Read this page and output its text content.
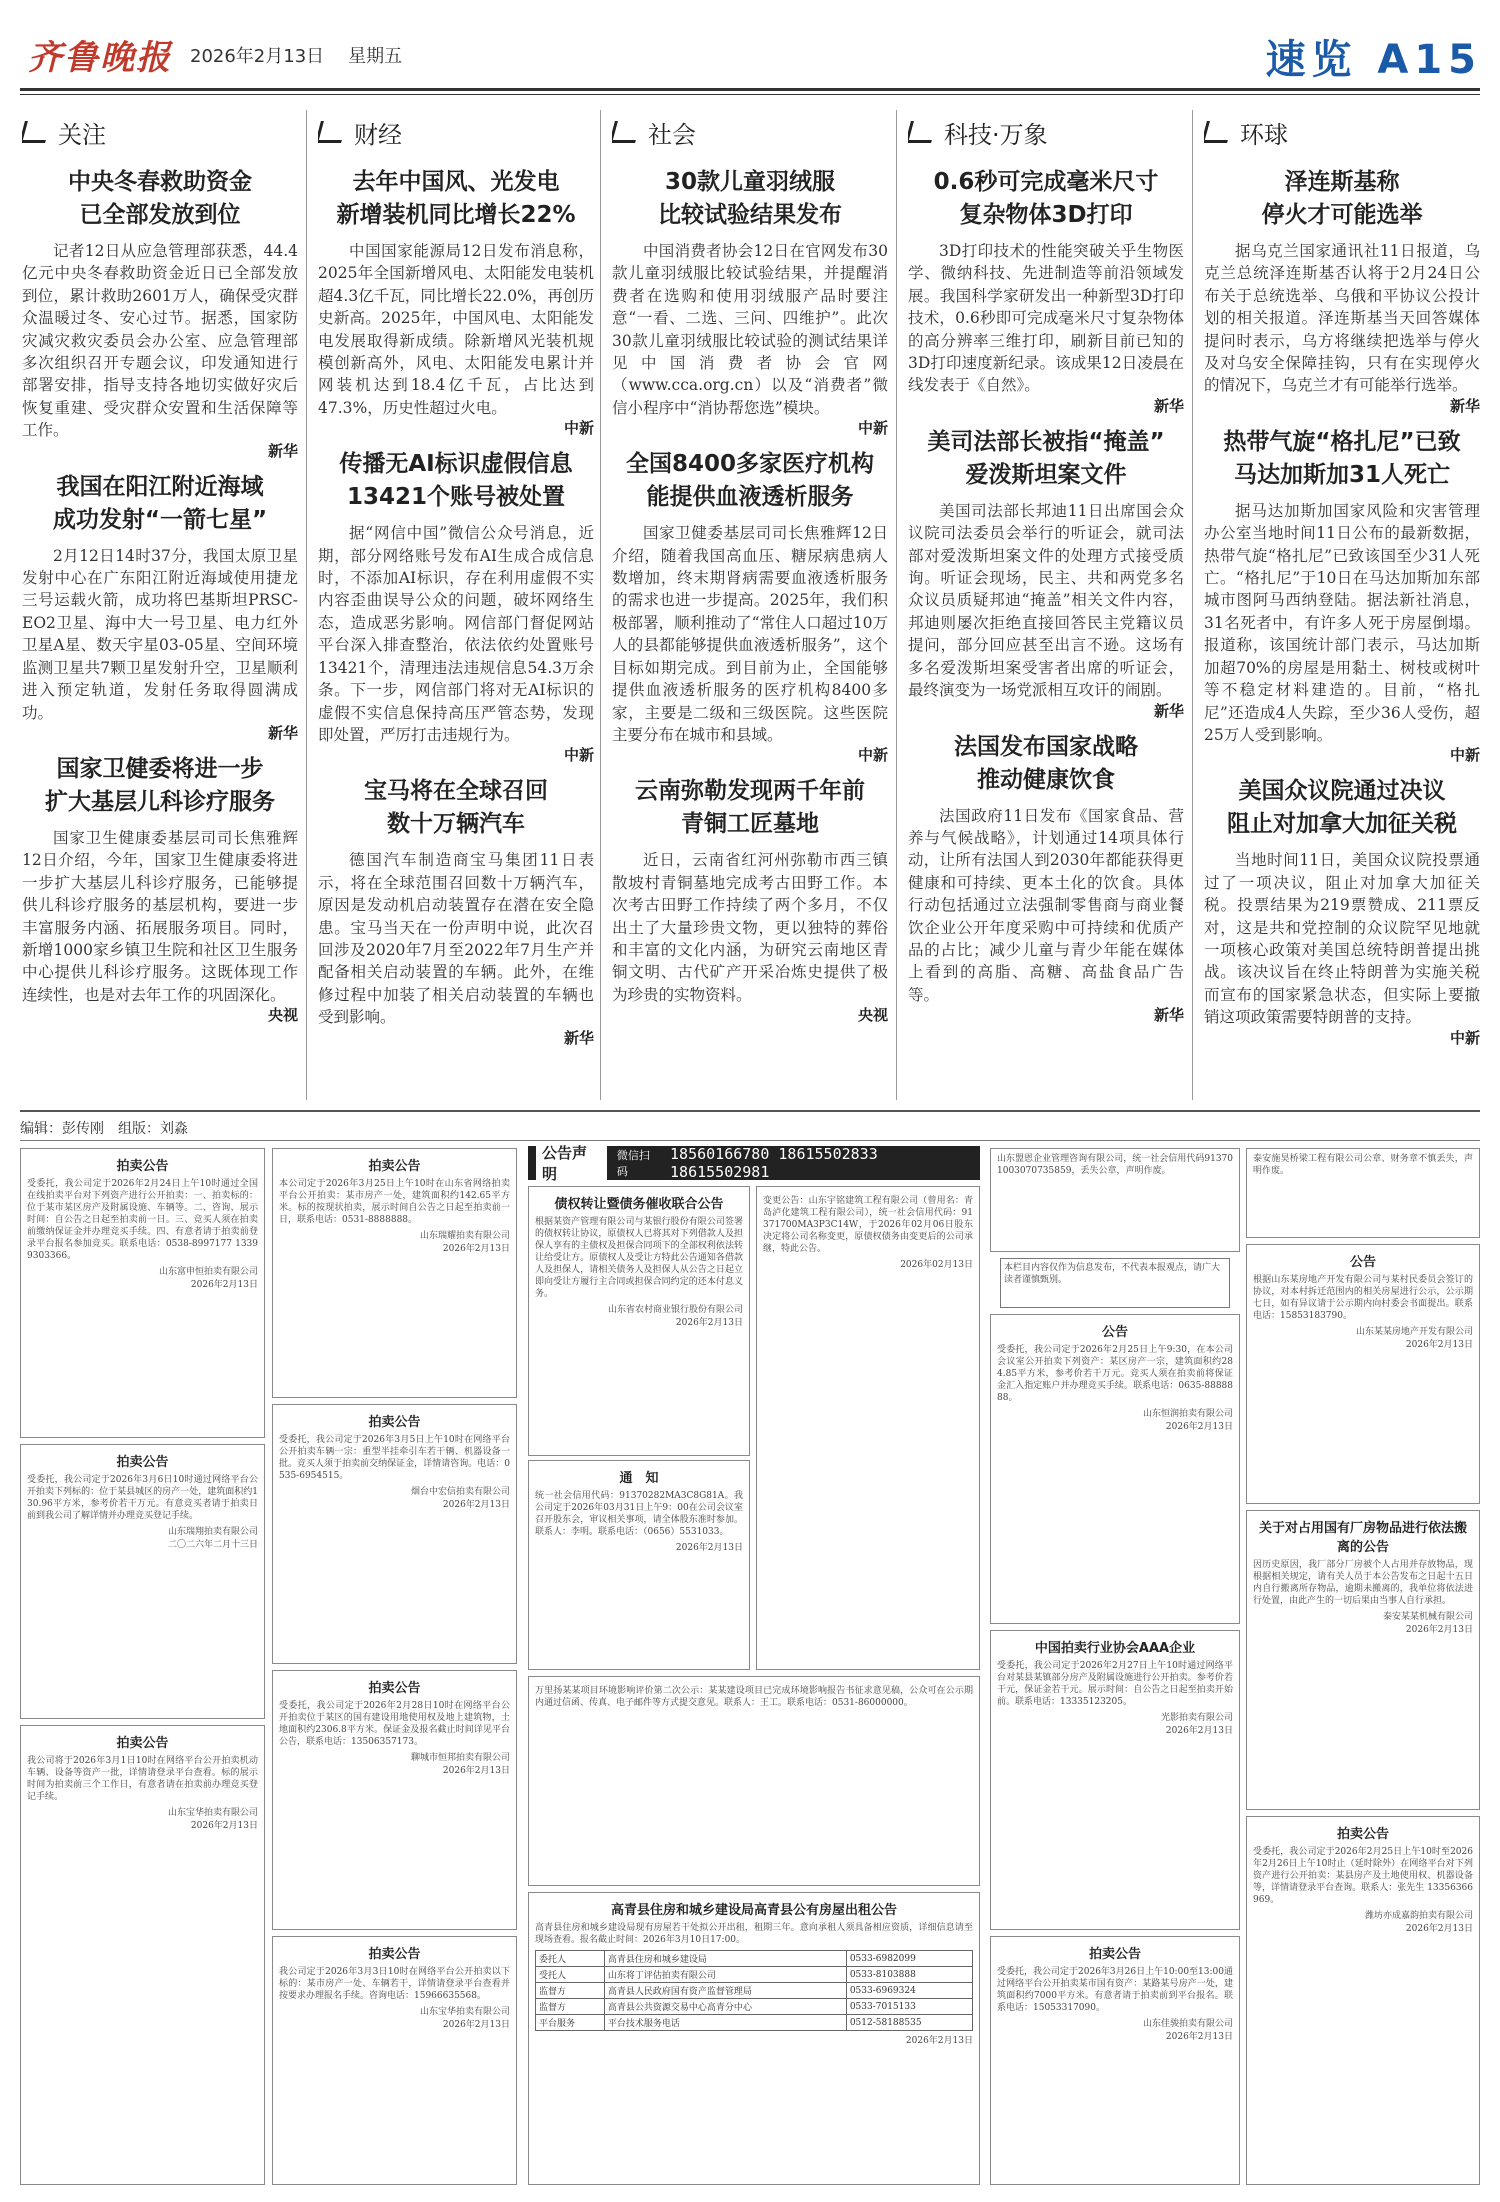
齐鲁晚报 2026年2月13日 星期五	速览 A15
关注
中央冬春救助资金
已全部发放到位
记者12日从应急管理部获悉，44.4亿元中央冬春救助资金近日已全部发放到位，累计救助2601万人，确保受灾群众温暖过冬、安心过节。据悉，国家防灾减灾救灾委员会办公室、应急管理部多次组织召开专题会议，印发通知进行部署安排，指导支持各地切实做好灾后恢复重建、受灾群众安置和生活保障等工作。
新华
我国在阳江附近海域
成功发射“一箭七星”
2月12日14时37分，我国太原卫星发射中心在广东阳江附近海域使用捷龙三号运载火箭，成功将巴基斯坦PRSC-EO2卫星、海中大一号卫星、电力红外卫星A星、数天宇星03-05星、空间环境监测卫星共7颗卫星发射升空，卫星顺利进入预定轨道，发射任务取得圆满成功。
新华
国家卫健委将进一步
扩大基层儿科诊疗服务
国家卫生健康委基层司司长焦雅辉12日介绍，今年，国家卫生健康委将进一步扩大基层儿科诊疗服务，已能够提供儿科诊疗服务的基层机构，要进一步丰富服务内涵、拓展服务项目。同时，新增1000家乡镇卫生院和社区卫生服务中心提供儿科诊疗服务。这既体现工作连续性，也是对去年工作的巩固深化。
央视
财经
去年中国风、光发电
新增装机同比增长22%
中国国家能源局12日发布消息称，2025年全国新增风电、太阳能发电装机超4.3亿千瓦，同比增长22.0%，再创历史新高。2025年，中国风电、太阳能发电发展取得新成绩。除新增风光装机规模创新高外，风电、太阳能发电累计并网装机达到18.4亿千瓦，占比达到47.3%，历史性超过火电。
中新
传播无AI标识虚假信息
13421个账号被处置
据“网信中国”微信公众号消息，近期，部分网络账号发布AI生成合成信息时，不添加AI标识，存在利用虚假不实内容歪曲误导公众的问题，破坏网络生态，造成恶劣影响。网信部门督促网站平台深入排查整治，依法依约处置账号13421个，清理违法违规信息54.3万余条。下一步，网信部门将对无AI标识的虚假不实信息保持高压严管态势，发现即处置，严厉打击违规行为。
中新
宝马将在全球召回
数十万辆汽车
德国汽车制造商宝马集团11日表示，将在全球范围召回数十万辆汽车，原因是发动机启动装置存在潜在安全隐患。宝马当天在一份声明中说，此次召回涉及2020年7月至2022年7月生产并配备相关启动装置的车辆。此外，在维修过程中加装了相关启动装置的车辆也受到影响。
新华
社会
30款儿童羽绒服
比较试验结果发布
中国消费者协会12日在官网发布30款儿童羽绒服比较试验结果，并提醒消费者在选购和使用羽绒服产品时要注意“一看、二选、三问、四维护”。此次30款儿童羽绒服比较试验的测试结果详见中国消费者协会官网（www.cca.org.cn）以及“消费者”微信小程序中“消协帮您选”模块。
中新
全国8400多家医疗机构
能提供血液透析服务
国家卫健委基层司司长焦雅辉12日介绍，随着我国高血压、糖尿病患病人数增加，终末期肾病需要血液透析服务的需求也进一步提高。2025年，我们积极部署，顺利推动了“常住人口超过10万人的县都能够提供血液透析服务”，这个目标如期完成。到目前为止，全国能够提供血液透析服务的医疗机构8400多家，主要是二级和三级医院。这些医院主要分布在城市和县域。
中新
云南弥勒发现两千年前
青铜工匠墓地
近日，云南省红河州弥勒市西三镇散坡村青铜墓地完成考古田野工作。本次考古田野工作持续了两个多月，不仅出土了大量珍贵文物，更以独特的葬俗和丰富的文化内涵，为研究云南地区青铜文明、古代矿产开采冶炼史提供了极为珍贵的实物资料。
央视
科技·万象
0.6秒可完成毫米尺寸
复杂物体3D打印
3D打印技术的性能突破关乎生物医学、微纳科技、先进制造等前沿领域发展。我国科学家研发出一种新型3D打印技术，0.6秒即可完成毫米尺寸复杂物体的高分辨率三维打印，刷新目前已知的3D打印速度新纪录。该成果12日凌晨在线发表于《自然》。
新华
美司法部长被指“掩盖”
爱泼斯坦案文件
美国司法部长邦迪11日出席国会众议院司法委员会举行的听证会，就司法部对爱泼斯坦案文件的处理方式接受质询。听证会现场，民主、共和两党多名众议员质疑邦迪“掩盖”相关文件内容，邦迪则屡次拒绝直接回答民主党籍议员提问，部分回应甚至出言不逊。这场有多名爱泼斯坦案受害者出席的听证会，最终演变为一场党派相互攻讦的闹剧。
新华
法国发布国家战略
推动健康饮食
法国政府11日发布《国家食品、营养与气候战略》，计划通过14项具体行动，让所有法国人到2030年都能获得更健康和可持续、更本土化的饮食。具体行动包括通过立法强制零售商与商业餐饮企业公开年度采购中可持续和优质产品的占比；减少儿童与青少年能在媒体上看到的高脂、高糖、高盐食品广告等。
新华
环球
泽连斯基称
停火才可能选举
据乌克兰国家通讯社11日报道，乌克兰总统泽连斯基否认将于2月24日公布关于总统选举、乌俄和平协议公投计划的相关报道。泽连斯基当天回答媒体提问时表示，乌方将继续把选举与停火及对乌安全保障挂钩，只有在实现停火的情况下，乌克兰才有可能举行选举。
新华
热带气旋“格扎尼”已致
马达加斯加31人死亡
据马达加斯加国家风险和灾害管理办公室当地时间11日公布的最新数据，热带气旋“格扎尼”已致该国至少31人死亡。“格扎尼”于10日在马达加斯加东部城市图阿马西纳登陆。据法新社消息，31名死者中，有许多人死于房屋倒塌。报道称，该国统计部门表示，马达加斯加超70%的房屋是用黏土、树枝或树叶等不稳定材料建造的。目前，“格扎尼”还造成4人失踪，至少36人受伤，超25万人受到影响。
中新
美国众议院通过决议
阻止对加拿大加征关税
当地时间11日，美国众议院投票通过了一项决议，阻止对加拿大加征关税。投票结果为219票赞成、211票反对，这是共和党控制的众议院罕见地就一项核心政策对美国总统特朗普提出挑战。该决议旨在终止特朗普为实施关税而宣布的国家紧急状态，但实际上要撤销这项政策需要特朗普的支持。
中新
编辑：彭传刚　组版：刘淼
拍卖公告
受委托，我公司定于2026年2月24日上午10时通过全国在线拍卖平台对下列资产进行公开拍卖：一、拍卖标的：位于某市某区房产及附属设施、车辆等。二、咨询、展示时间：自公告之日起至拍卖前一日。三、竞买人须在拍卖前缴纳保证金并办理竞买手续。四、有意者请于拍卖前登录平台报名参加竞买。联系电话：0538-8997177 13399303366。
山东富申恒拍卖有限公司
2026年2月13日
拍卖公告
受委托，我公司定于2026年3月6日10时通过网络平台公开拍卖下列标的：位于某县城区的房产一处，建筑面积约130.96平方米，参考价若干万元。有意竞买者请于拍卖日前到我公司了解详情并办理竞买登记手续。
山东瑞翔拍卖有限公司
二〇二六年二月十三日
拍卖公告
我公司将于2026年3月1日10时在网络平台公开拍卖机动车辆、设备等资产一批，详情请登录平台查看。标的展示时间为拍卖前三个工作日，有意者请在拍卖前办理竞买登记手续。
山东宝华拍卖有限公司
2026年2月13日
拍卖公告
本公司定于2026年3月25日上午10时在山东省网络拍卖平台公开拍卖：某市房产一处，建筑面积约142.65平方米。标的按现状拍卖，展示时间自公告之日起至拍卖前一日，联系电话：0531-8888888。
山东瑞耀拍卖有限公司
2026年2月13日
拍卖公告
受委托，我公司定于2026年3月5日上午10时在网络平台公开拍卖车辆一宗：重型半挂牵引车若干辆、机器设备一批。竞买人须于拍卖前交纳保证金，详情请咨询。电话：0535-6954515。
烟台中宏信拍卖有限公司
2026年2月13日
拍卖公告
受委托，我公司定于2026年2月28日10时在网络平台公开拍卖位于某区的国有建设用地使用权及地上建筑物，土地面积约2306.8平方米。保证金及报名截止时间详见平台公告，联系电话：13506357173。
聊城市恒邦拍卖有限公司
2026年2月13日
拍卖公告
我公司定于2026年3月3日10时在网络平台公开拍卖以下标的：某市房产一处、车辆若干，详情请登录平台查看并按要求办理报名手续。咨询电话：15966635568。
山东宝华拍卖有限公司
2026年2月13日
公告声明
微信扫码
18560166780 18615502833 18615502981
债权转让暨债务催收联合公告
根据某资产管理有限公司与某银行股份有限公司签署的债权转让协议，原债权人已将其对下列借款人及担保人享有的主债权及担保合同项下的全部权利依法转让给受让方。原债权人及受让方特此公告通知各借款人及担保人，请相关债务人及担保人从公告之日起立即向受让方履行主合同或担保合同约定的还本付息义务。
山东省农村商业银行股份有限公司
2026年2月13日
通　知
统一社会信用代码：91370282MA3C8G81A。我公司定于2026年03月31日上午9：00在公司会议室召开股东会，审议相关事项，请全体股东准时参加。联系人：李明。联系电话：（0656）5531033。
2026年2月13日
变更公告：山东宇铭建筑工程有限公司（曾用名：青岛泸化建筑工程有限公司），统一社会信用代码：91371700MA3P3C14W，于2026年02月06日股东决定将公司名称变更，原债权债务由变更后的公司承继，特此公告。
2026年02月13日
万里扬某某项目环境影响评价第二次公示：某某建设项目已完成环境影响报告书征求意见稿，公众可在公示期内通过信函、传真、电子邮件等方式提交意见。联系人：王工。联系电话：0531-86000000。
高青县住房和城乡建设局高青县公有房屋出租公告
高青县住房和城乡建设局现有房屋若干处拟公开出租，租期三年。意向承租人须具备相应资质，详细信息请至现场查看。报名截止时间：2026年3月10日17:00。
委托人	高青县住房和城乡建设局	0533-6982099
受托人	山东将丁评估拍卖有限公司	0533-8103888
监督方	高青县人民政府国有资产监督管理局	0533-6969324
监督方	高青县公共资源交易中心高青分中心	0533-7015133
平台服务	平台技术服务电话	0512-58188535
2026年2月13日
山东盟恩企业管理咨询有限公司，统一社会信用代码913701003070735859，丢失公章，声明作废。
本栏目内容仅作为信息发布，不代表本报观点，请广大读者谨慎甄别。
公告
受委托，我公司定于2026年2月25日上午9:30，在本公司会议室公开拍卖下列资产：某区房产一宗，建筑面积约284.85平方米，参考价若干万元。竞买人须在拍卖前将保证金汇入指定账户并办理竞买手续。联系电话：0635-8888888。
山东恒润拍卖有限公司
2026年2月13日
中国拍卖行业协会AAA企业
受委托，我公司定于2026年2月27日上午10时通过网络平台对某县某镇部分房产及附属设施进行公开拍卖。参考价若干元，保证金若干元。展示时间：自公告之日起至拍卖开始前。联系电话：13335123205。
光影拍卖有限公司
2026年2月13日
拍卖公告
受委托，我公司定于2026年3月26日上午10:00至13:00通过网络平台公开拍卖某市国有资产：某路某号房产一处，建筑面积约7000平方米。有意者请于拍卖前到平台报名。联系电话：15053317090。
山东佳骏拍卖有限公司
2026年2月13日
泰安施昊桥梁工程有限公司公章、财务章不慎丢失，声明作废。
公告
根据山东某房地产开发有限公司与某村民委员会签订的协议，对本村拆迁范围内的相关房屋进行公示，公示期七日，如有异议请于公示期内向村委会书面提出。联系电话：15853183790。
山东某某房地产开发有限公司
2026年2月13日
关于对占用国有厂房物品进行依法搬离的公告
因历史原因，我厂部分厂房被个人占用并存放物品，现根据相关规定，请有关人员于本公告发布之日起十五日内自行搬离所存物品，逾期未搬离的，我单位将依法进行处置，由此产生的一切后果由当事人自行承担。
泰安某某机械有限公司
2026年2月13日
拍卖公告
受委托，我公司定于2026年2月25日上午10时至2026年2月26日上午10时止（延时除外）在网络平台对下列资产进行公开拍卖：某县房产及土地使用权、机器设备等，详情请登录平台查询。联系人：张先生 13356366969。
潍坊亦成嘉韵拍卖有限公司
2026年2月13日
